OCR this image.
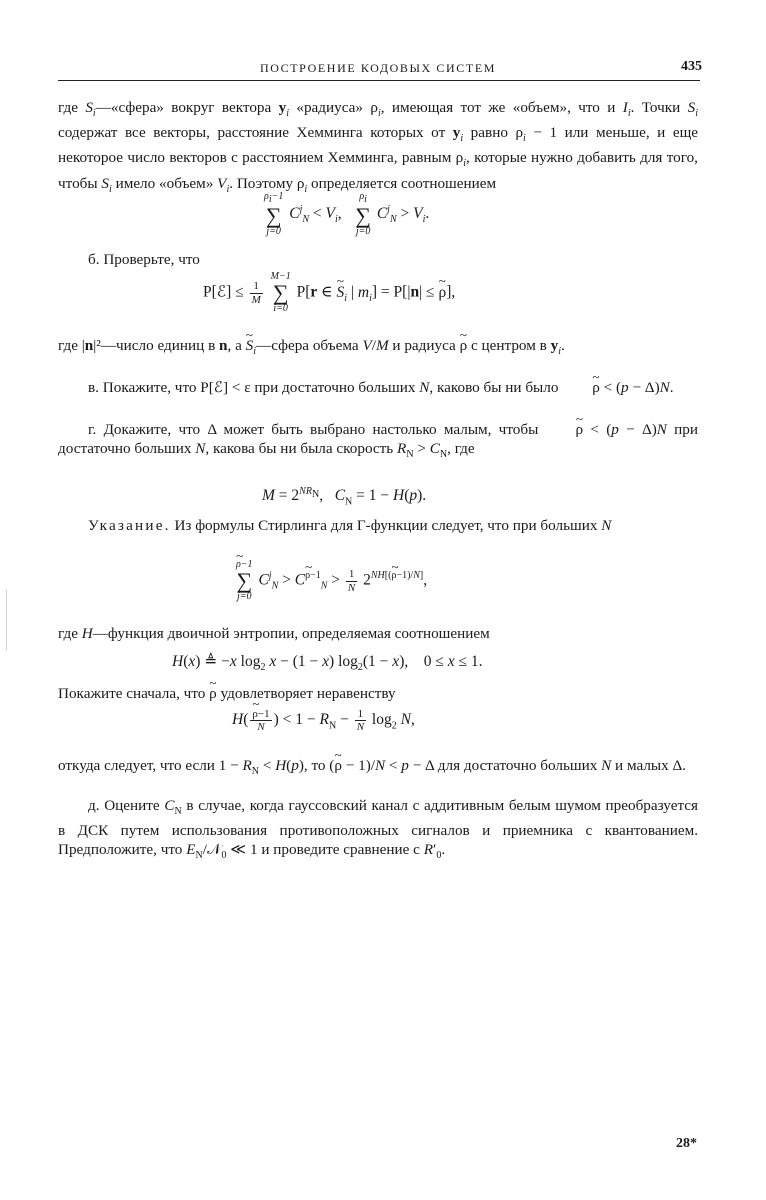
ПОСТРОЕНИЕ КОДОВЫХ СИСТЕМ	435
где $S_i—«сфера$» вокруг вектора $y_i$ «радиуса» $\rho_i$, имеющая тот же «объем», что и $I_i$. Точки $S_i$ содержат все векторы, расстояние Хемминга которых от $y_i$ равно $\rho_i - 1$ или меньше, и еще некоторое число векторов с расстоянием Хемминга, равным $\rho_i$, которые нужно добавить для того, чтобы $S_i$ имело «объем» $V_i$. Поэтому $\rho_i$ определяется соотношением
$\rho_i-1$
∑
j=0
$C^j_N < V_i$,
$\rho_i$
∑
j=0
$C^j_N > V_i$.
б. Проверьте, что
P[ℰ] ≤ $\frac{1}{M}$

M−1
∑
i=0
P[r ∈ ~ $S_i$ | $m_i] = P[|n|$ ≤ ~ ρ],
где |n|²—число единиц в n, а ~ $S_i—сфера$ объема V/M и радиуса ~ ρ с центром в $y_i$.
в. Покажите, что P[ℰ] < ε при достаточно больших N, каково бы ни было ~ ρ < (p − Δ)N.
г. Докажите, что Δ может быть выбрано настолько малым, чтобы ~ ρ < (p − Δ)N при достаточно больших N, какова бы ни была скорость $R_N > C_N$, где
$M = 2^{NR_N}$,   $C_N = 1 - H(p)$.
Указание. Из формулы Стирлинга для Г-функции следует, что при больших N
~ ρ−1
∑
j=0
$C^j_N$ > C~ $^{\rho-1}_N > \frac{1}{N} 2^{NH[(\sim \rho-1)/N]}$,
где H—функция двоичной энтропии, определяемая соотношением
H(x) ≜ −x $\log_2 x - (1 - x) \log_2(1 - x)$,    0 ≤ x ≤ 1.
Покажите сначала, что ~ ρ удовлетворяет неравенству
H(
~ $\frac{\rho-1}{N}$ ) < $1 - R_N - \frac{1}{N} \log_2 N$,
откуда следует, что если $1 - R_N < H(p)$, то (~ ρ − 1)/N < p − Δ для достаточно больших N и малых Δ.
д. Оцените $C_N$ в случае, когда гауссовский канал с аддитивным белым шумом преобразуется в ДСК путем использования противоположных сигналов и приемника с квантованием. Предположите, что $E_N/𝒩_0$ ≪ 1 и проведите сравнение с $R'_0$.
28*
